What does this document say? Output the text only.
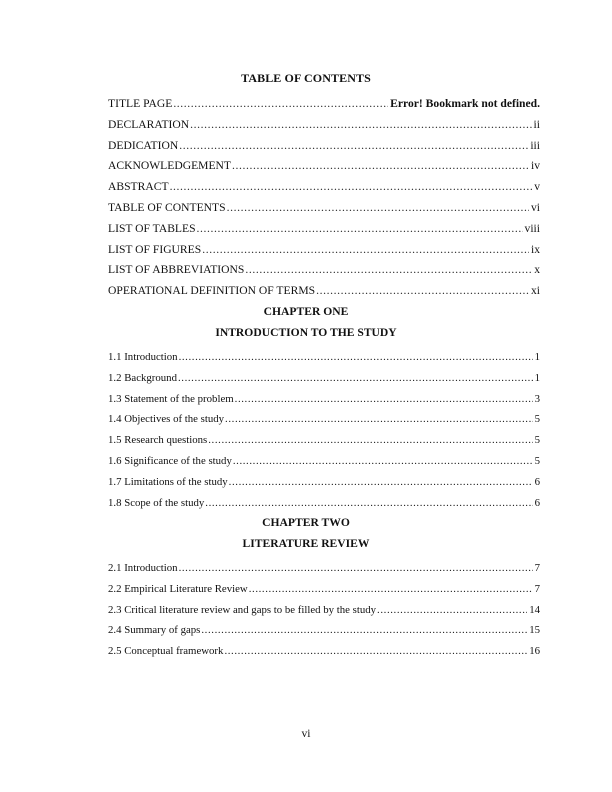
TABLE OF CONTENTS
TITLE PAGE .....	Error! Bookmark not defined.
DECLARATION .....	ii
DEDICATION .....	iii
ACKNOWLEDGEMENT .....	iv
ABSTRACT .....	v
TABLE OF CONTENTS .....	vi
LIST OF TABLES .....	viii
LIST OF FIGURES .....	ix
LIST OF ABBREVIATIONS .....	x
OPERATIONAL DEFINITION OF TERMS .....	xi
CHAPTER ONE
INTRODUCTION TO THE STUDY
1.1 Introduction .....	1
1.2 Background .....	1
1.3 Statement of the problem .....	3
1.4 Objectives of the study .....	5
1.5 Research questions .....	5
1.6 Significance of the study .....	5
1.7 Limitations of the study .....	6
1.8 Scope of the study .....	6
CHAPTER TWO
LITERATURE REVIEW
2.1 Introduction .....	7
2.2 Empirical Literature Review .....	7
2.3 Critical literature review and gaps to be filled by the study .....	14
2.4 Summary of gaps .....	15
2.5 Conceptual framework .....	16
vi
